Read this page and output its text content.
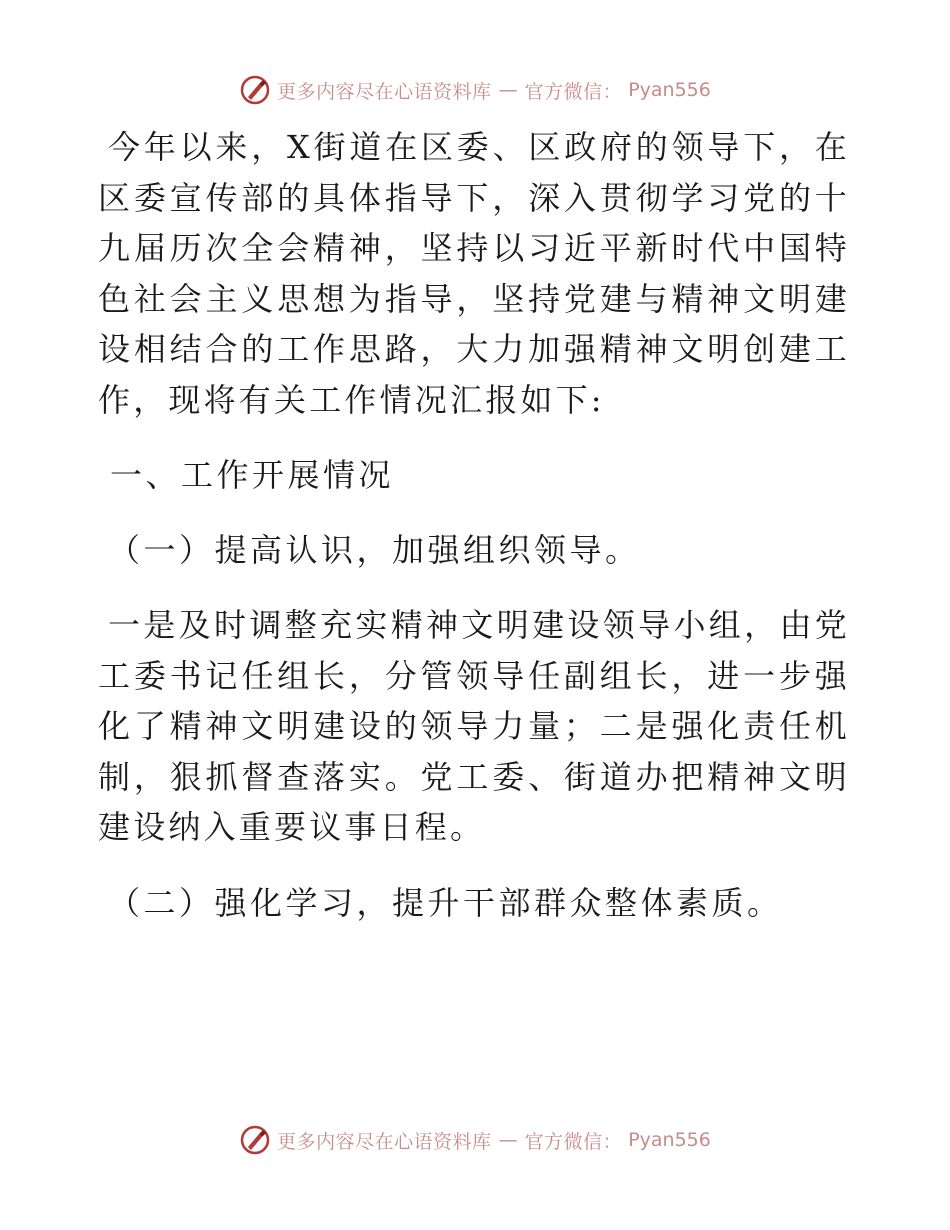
更多内容尽在心语资料库 — 官方微信： Pyan556

今年以来，X街道在区委、区政府的领导下，在区委宣传部的具体指导下，深入贯彻学习党的十九届历次全会精神，坚持以习近平新时代中国特色社会主义思想为指导，坚持党建与精神文明建设相结合的工作思路，大力加强精神文明创建工作，现将有关工作情况汇报如下:

一、工作开展情况

（一）提高认识，加强组织领导。

一是及时调整充实精神文明建设领导小组，由党工委书记任组长，分管领导任副组长，进一步强化了精神文明建设的领导力量；二是强化责任机制，狠抓督查落实。党工委、街道办把精神文明建设纳入重要议事日程。

（二）强化学习，提升干部群众整体素质。

更多内容尽在心语资料库 — 官方微信： Pyan556
